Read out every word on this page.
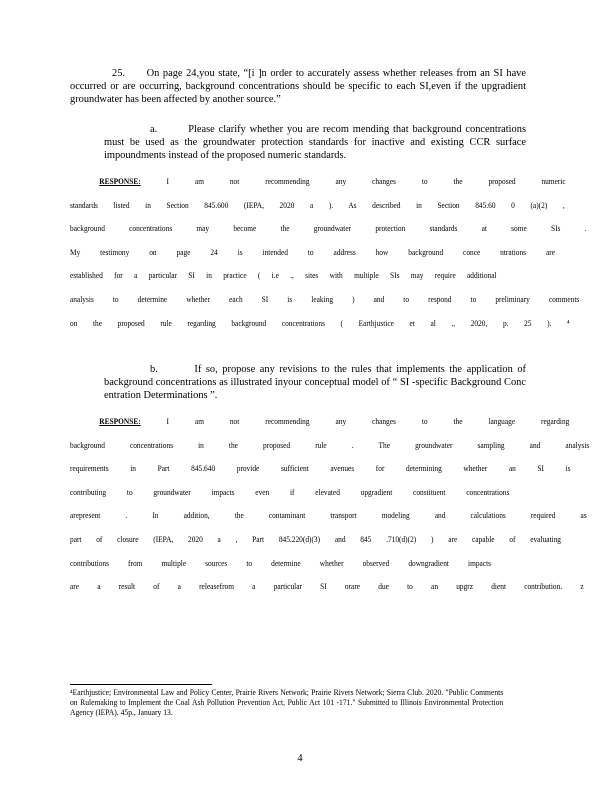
25. On page 24,you state, “[i ]n order to accurately assess whether releases from an SI have occurred or are occurring, background concentrations should be specific to each SI,even if the upgradient groundwater has been affected by another source.”
a.	Please clarify whether you are recom mending that background concentrations must be used as the groundwater protection standards for inactive and existing CCR surface impoundments instead of the proposed numeric standards.
RESPONSE:	I am not recommending any changes to the proposed numeric
standards listed in Section 845.600 (IEPA, 2020 a ). As described in Section 845.60 0 (a)(2) ,
background concentrations may become the groundwater protection standards at some SIs .
My testimony on page 24 is intended to address how background conce ntrations are
established for a particular SI in practice ( i.e ., sites with multiple SIs may require additional
analysis to determine whether each SI is leaking ) and to respond to preliminary comments
on the proposed rule regarding background concentrations ( Earthjustice et al ., 2020, p. 25 ). ⁴
b.	If so, propose any revisions to the rules that implements the application of background concentrations as illustrated inyour conceptual model of “ SI -specific Background Conc entration Determinations ”.
RESPONSE:	I am not recommending any changes to the language regarding
background concentrations in the proposed rule . The groundwater sampling and analysis
requirements in Part 845.640 provide sufficient avenues for determining whether an SI is
contributing to groundwater impacts even if elevated upgradient constituent concentrations
arepresent . In addition, the contaminant transport modeling and calculations required as
part of closure (IEPA, 2020 a , Part 845.220(d)(3) and 845 .710(d)(2) ) are capable of evaluating
contributions from multiple sources to determine whether observed downgradient impacts
are a result of a releasefrom a particular SI orare due to an upgrz dient contribution. z
⁴Earthjustice; Environmental Law and Policy Center, Prairie Rivers Network; Prairie Rivers Network; Sierra Club. 2020. "Public Comments on Rulemaking to Implement the Coal Ash Pollution Prevention Act, Public Act 101 -171." Submitted to Illinois Environmental Protection Agency (IEPA). 45p., January 13.
4
